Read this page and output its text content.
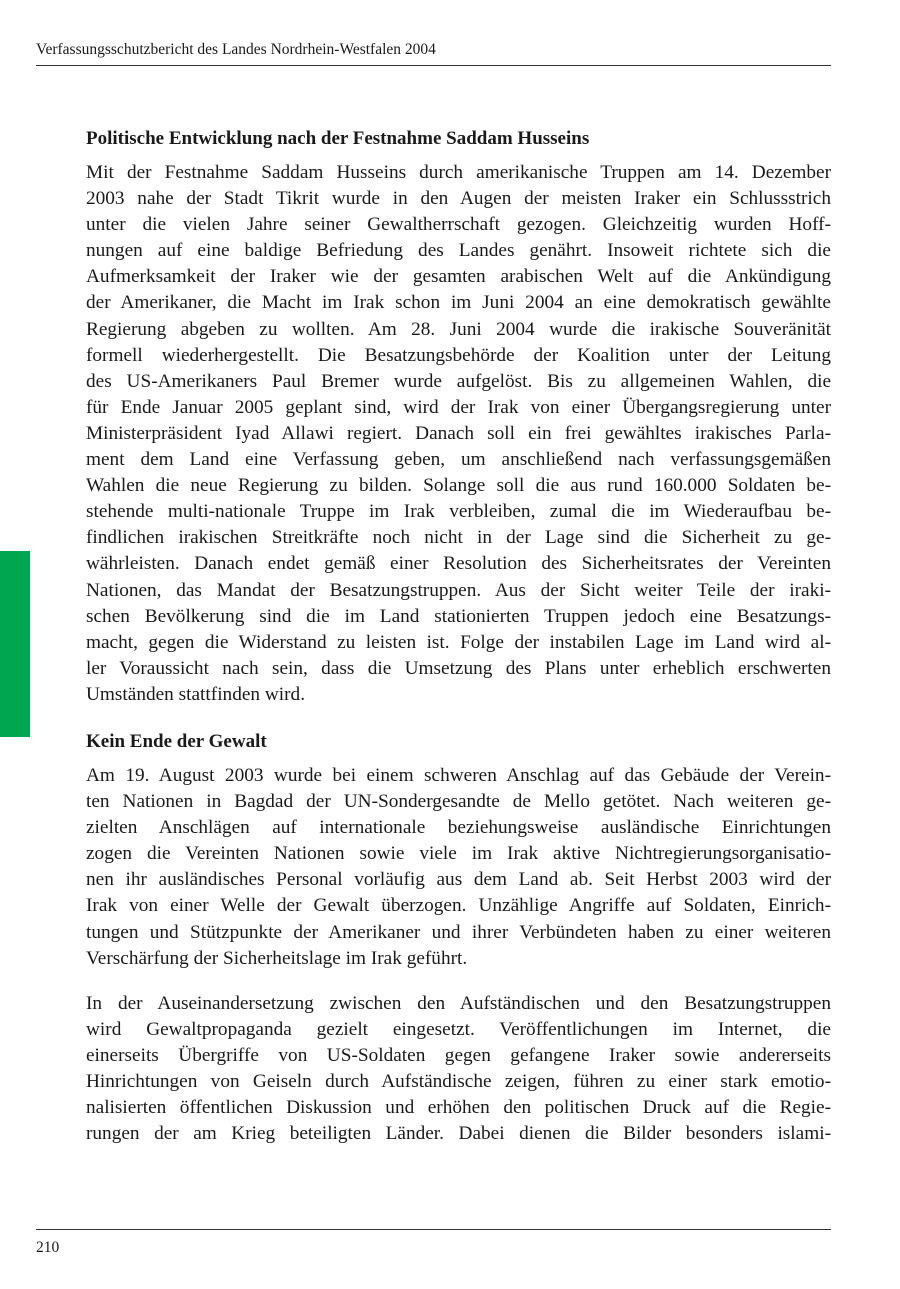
Verfassungsschutzbericht des Landes Nordrhein-Westfalen 2004
Politische Entwicklung nach der Festnahme Saddam Husseins

Mit der Festnahme Saddam Husseins durch amerikanische Truppen am 14. Dezember
2003 nahe der Stadt Tikrit wurde in den Augen der meisten Iraker ein Schlussstrich
unter die vielen Jahre seiner Gewaltherrschaft gezogen. Gleichzeitig wurden Hoff-
nungen auf eine baldige Befriedung des Landes genährt. Insoweit richtete sich die
Aufmerksamkeit der Iraker wie der gesamten arabischen Welt auf die Ankündigung
der Amerikaner, die Macht im Irak schon im Juni 2004 an eine demokratisch gewählte
Regierung abgeben zu wollten. Am 28. Juni 2004 wurde die irakische Souveränität
formell wiederhergestellt. Die Besatzungsbehörde der Koalition unter der Leitung
des US-Amerikaners Paul Bremer wurde aufgelöst. Bis zu allgemeinen Wahlen, die
für Ende Januar 2005 geplant sind, wird der Irak von einer Übergangsregierung unter
Ministerpräsident Iyad Allawi regiert. Danach soll ein frei gewähltes irakisches Parla-
ment dem Land eine Verfassung geben, um anschließend nach verfassungsgemäßen
Wahlen die neue Regierung zu bilden. Solange soll die aus rund 160.000 Soldaten be-
stehende multi-nationale Truppe im Irak verbleiben, zumal die im Wiederaufbau be-
findlichen irakischen Streitkräfte noch nicht in der Lage sind die Sicherheit zu ge-
währleisten. Danach endet gemäß einer Resolution des Sicherheitsrates der Vereinten
Nationen, das Mandat der Besatzungstruppen. Aus der Sicht weiter Teile der iraki-
schen Bevölkerung sind die im Land stationierten Truppen jedoch eine Besatzungs-
macht, gegen die Widerstand zu leisten ist. Folge der instabilen Lage im Land wird al-
ler Voraussicht nach sein, dass die Umsetzung des Plans unter erheblich erschwerten
Umständen stattfinden wird.

Kein Ende der Gewalt

Am 19. August 2003 wurde bei einem schweren Anschlag auf das Gebäude der Verein-
ten Nationen in Bagdad der UN-Sondergesandte de Mello getötet. Nach weiteren ge-
zielten Anschlägen auf internationale beziehungsweise ausländische Einrichtungen
zogen die Vereinten Nationen sowie viele im Irak aktive Nichtregierungsorganisatio-
nen ihr ausländisches Personal vorläufig aus dem Land ab. Seit Herbst 2003 wird der
Irak von einer Welle der Gewalt überzogen. Unzählige Angriffe auf Soldaten, Einrich-
tungen und Stützpunkte der Amerikaner und ihrer Verbündeten haben zu einer weiteren
Verschärfung der Sicherheitslage im Irak geführt.

In der Auseinandersetzung zwischen den Aufständischen und den Besatzungstruppen
wird Gewaltpropaganda gezielt eingesetzt. Veröffentlichungen im Internet, die
einerseits Übergriffe von US-Soldaten gegen gefangene Iraker sowie andererseits
Hinrichtungen von Geiseln durch Aufständische zeigen, führen zu einer stark emotio-
nalisierten öffentlichen Diskussion und erhöhen den politischen Druck auf die Regie-
rungen der am Krieg beteiligten Länder. Dabei dienen die Bilder besonders islami-

210
